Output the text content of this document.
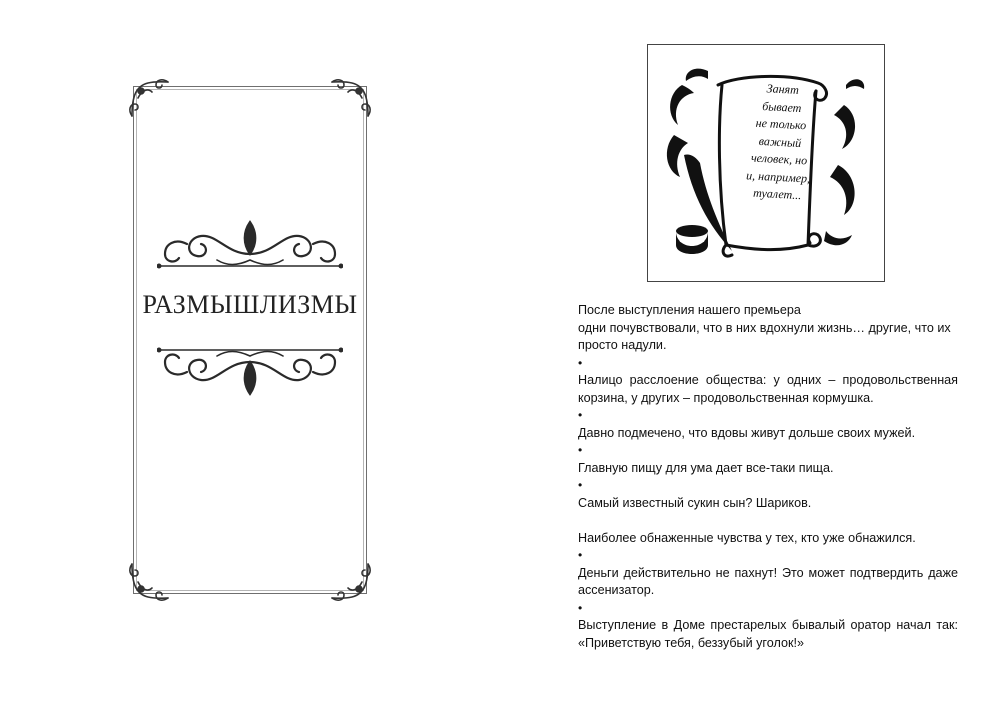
РАЗМЫШЛИЗМЫ
Занят
бывает
не только
важный
человек, но
и, например,
туалет...

После выступления нашего премьера
одни почувствовали, что в них вдохнули жизнь… другие, что их просто надули.

•

Налицо расслоение общества: у одних – продовольственная корзина, у других – продовольственная кормушка.

•

Давно подмечено, что вдовы живут дольше своих мужей.

•

Главную пищу для ума дает все-таки пища.

•

Самый известный сукин сын? Шариков.

Наиболее обнаженные чувства у тех, кто уже обнажился.

•

Деньги действительно не пахнут! Это может подтвердить даже ассенизатор.

•

Выступление в Доме престарелых бывалый оратор начал так: «Приветствую тебя, беззубый уголок!»
